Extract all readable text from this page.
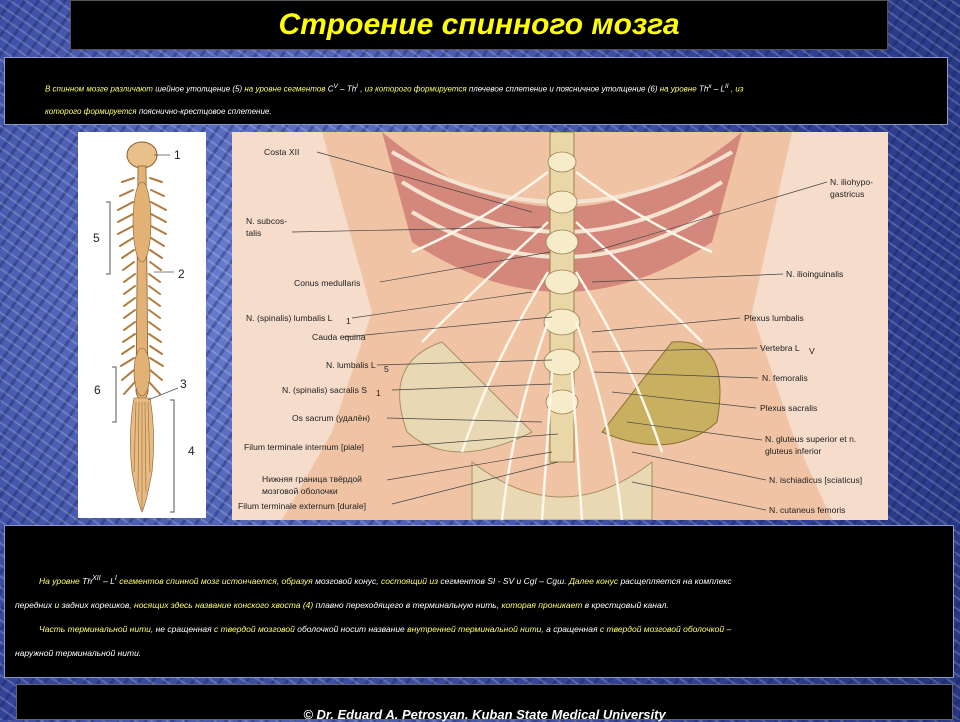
Строение спинного мозга
В спинном мозге различают шейное утолщение (5) на уровне сегментов $C^V - Th^I$ , из которого формируется плечевое сплетение и поясничное утолщение (6) на уровне $Th^x - L^{II}$ , из
которого формируется пояснично-крестцовое сплетение.
5
1
2
6	3
4
Costa XII
N. subcos-
talis
Conus medullaris
N. (spinalis) lumbalis L 1
Cauda equina
N. lumbalis L 5
N. (spinalis) sacralis S 1
Os sacrum (удалён)
Filum terminale internum [piale]
Нижняя граница твёрдой
мозговой оболочки
Filum terminale externum [durale]
N. iliohypo-
gastricus
N. ilioinguinalis
Plexus lumbalis
Vertebra L V
N. femoralis
Plexus sacralis
N. gluteus superior et n.
gluteus inferior
N. ischiadicus [sciaticus]
N. cutaneus femoris

На уровне $Th^{XII} - L^I$ сегментов спинной мозг истончается, образуя мозговой конус, состоящий из сегментов SI - SV и CgI – Cgш. Далее конус расщепляется на комплекс

передних и задних корешков, носящих здесь название конского хвоста (4) плавно переходящего в терминальную нить, которая проникает в крестцовый канал.

Часть терминальной нити, не сращенная с твердой мозговой оболочкой носит название внутренней терминальной нити, а сращенная с твердой мозговой оболочкой –

наружной терминальной нити.

© Dr. Eduard A. Petrosyan. Kuban State Medical University
